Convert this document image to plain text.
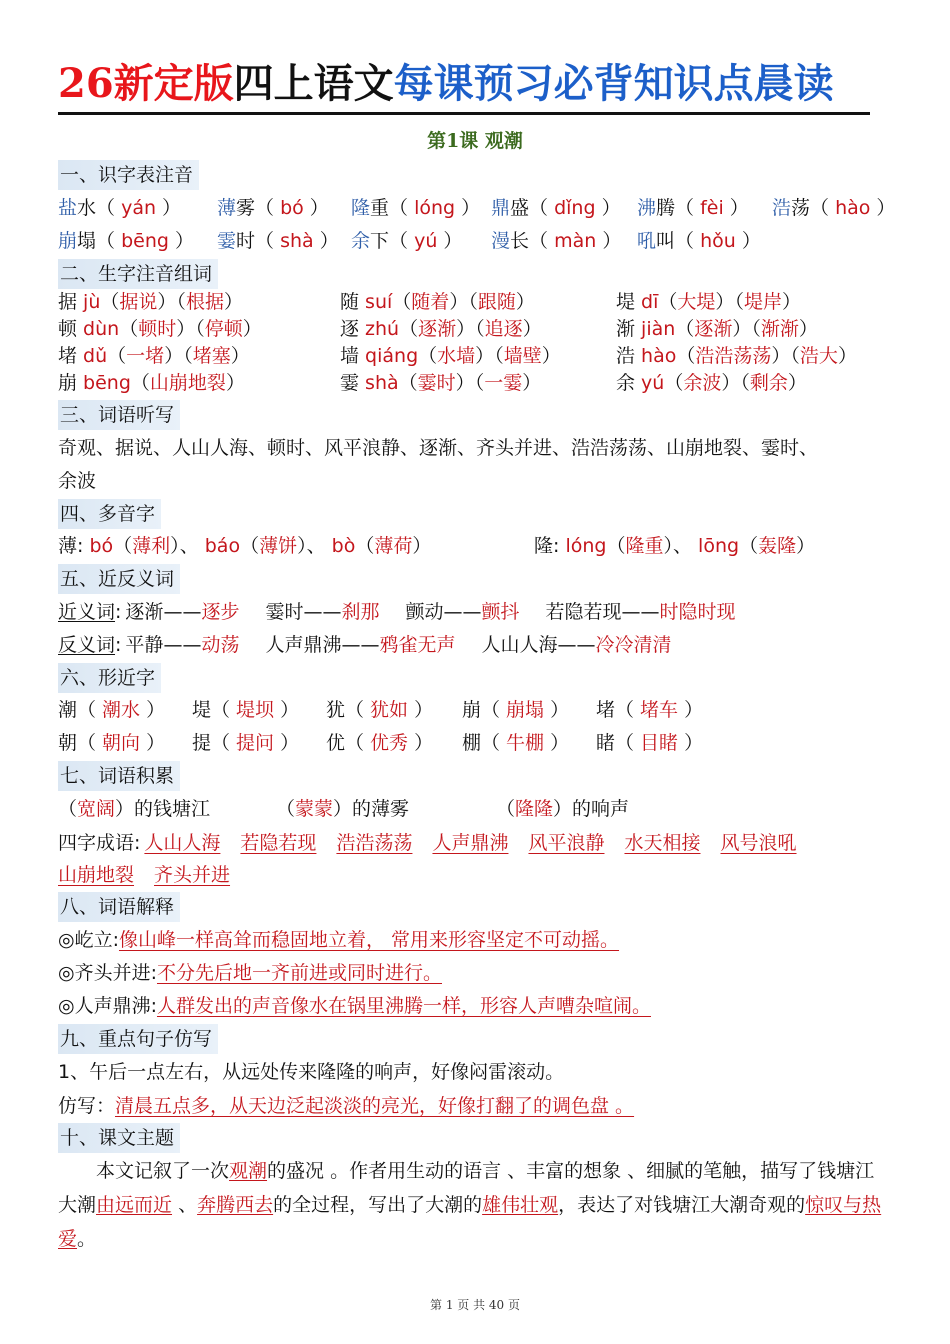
26新定版四上语文每课预习必背知识点晨读
第1课 观潮
一、识字表注音
盐水（ yán ） 薄雾（ bó ） 隆重（ lóng ） 鼎盛（ dǐng ） 沸腾（ fèi ） 浩荡（ hào ）
崩塌（ bēng ） 霎时（ shà ） 余下（ yú ） 漫长（ màn ） 吼叫（ hǒu ）
二、生字注音组词
据 jù（据说）（根据）	随 suí（随着）（跟随）	堤 dī（大堤）（堤岸）
顿 dùn（顿时）（停顿）	逐 zhú（逐渐）（追逐）	渐 jiàn（逐渐）（渐渐）
堵 dǔ（一堵）（堵塞）	墙 qiáng（水墙）（墙壁）	浩 hào（浩浩荡荡）（浩大）
崩 bēng（山崩地裂）	霎 shà（霎时）（一霎）	余 yú（余波）（剩余）
三、词语听写
奇观、据说、人山人海、顿时、风平浪静、逐渐、齐头并进、浩浩荡荡、山崩地裂、霎时、
余波
四、多音字
薄: bó（薄利）、 báo（薄饼）、 bò（薄荷）	隆: lóng（隆重）、 lōng（轰隆）
五、近反义词
近义词: 逐渐——逐步 霎时——刹那 颤动——颤抖 若隐若现——时隐时现
反义词: 平静——动荡 人声鼎沸——鸦雀无声 人山人海——冷冷清清
六、形近字
潮（ 潮水 ） 堤（ 堤坝 ） 犹（ 犹如 ） 崩（ 崩塌 ） 堵（ 堵车 ）
朝（ 朝向 ） 提（ 提问 ） 优（ 优秀 ） 棚（ 牛棚 ） 睹（ 目睹 ）
七、词语积累
（宽阔）的钱塘江	（蒙蒙）的薄雾	（隆隆）的响声
四字成语: 人山人海 若隐若现 浩浩荡荡 人声鼎沸 风平浪静 水天相接 风号浪吼
山崩地裂 齐头并进
八、词语解释
◎屹立:像山峰一样高耸而稳固地立着， 常用来形容坚定不可动摇。
◎齐头并进:不分先后地一齐前进或同时进行。
◎人声鼎沸:人群发出的声音像水在锅里沸腾一样，形容人声嘈杂喧闹。
九、重点句子仿写
1、午后一点左右，从远处传来隆隆的响声，好像闷雷滚动。
仿写：清晨五点多，从天边泛起淡淡的亮光，好像打翻了的调色盘 。
十、课文主题
本文记叙了一次观潮的盛况 。作者用生动的语言 、丰富的想象 、细腻的笔触，描写了钱塘江大潮由远而近 、奔腾西去的全过程，写出了大潮的雄伟壮观，表达了对钱塘江大潮奇观的惊叹与热爱。
第 1 页 共 40 页
